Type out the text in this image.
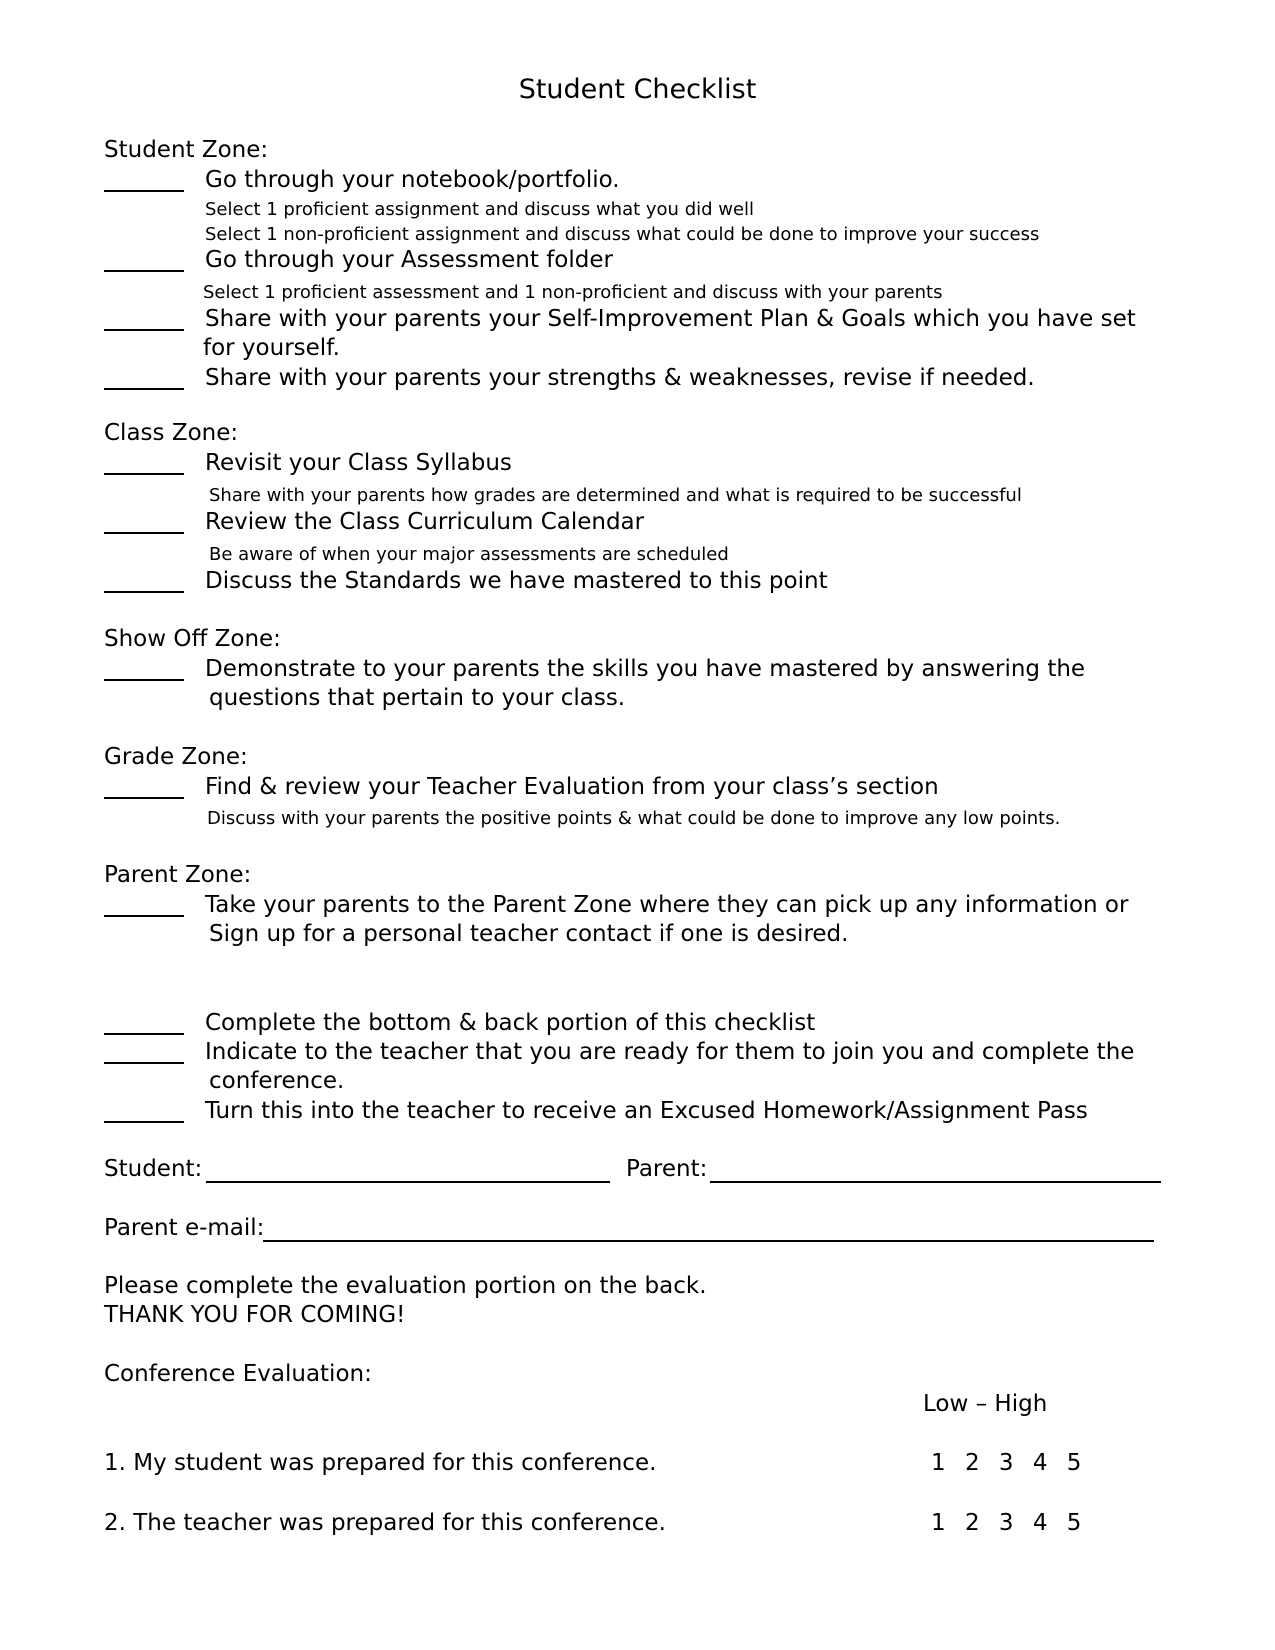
Student Checklist
Student Zone:
Go through your notebook/portfolio.
Select 1 proficient assignment and discuss what you did well
Select 1 non-proficient assignment and discuss what could be done to improve your success
Go through your Assessment folder
Select 1 proficient assessment and 1 non-proficient and discuss with your parents
Share with your parents your Self-Improvement Plan & Goals which you have set
for yourself.
Share with your parents your strengths & weaknesses, revise if needed.
Class Zone:
Revisit your Class Syllabus
Share with your parents how grades are determined and what is required to be successful
Review the Class Curriculum Calendar
Be aware of when your major assessments are scheduled
Discuss the Standards we have mastered to this point
Show Off Zone:
Demonstrate to your parents the skills you have mastered by answering the
questions that pertain to your class.
Grade Zone:
Find & review your Teacher Evaluation from your class’s section
Discuss with your parents the positive points & what could be done to improve any low points.
Parent Zone:
Take your parents to the Parent Zone where they can pick up any information or
Sign up for a personal teacher contact if one is desired.
Complete the bottom & back portion of this checklist
Indicate to the teacher that you are ready for them to join you and complete the
conference.
Turn this into the teacher to receive an Excused Homework/Assignment Pass
Student:	Parent:
Parent e-mail:
Please complete the evaluation portion on the back.
THANK YOU FOR COMING!
Conference Evaluation:
Low – High
1. My student was prepared for this conference.	1 2 3 4 5
2. The teacher was prepared for this conference.	1 2 3 4 5
